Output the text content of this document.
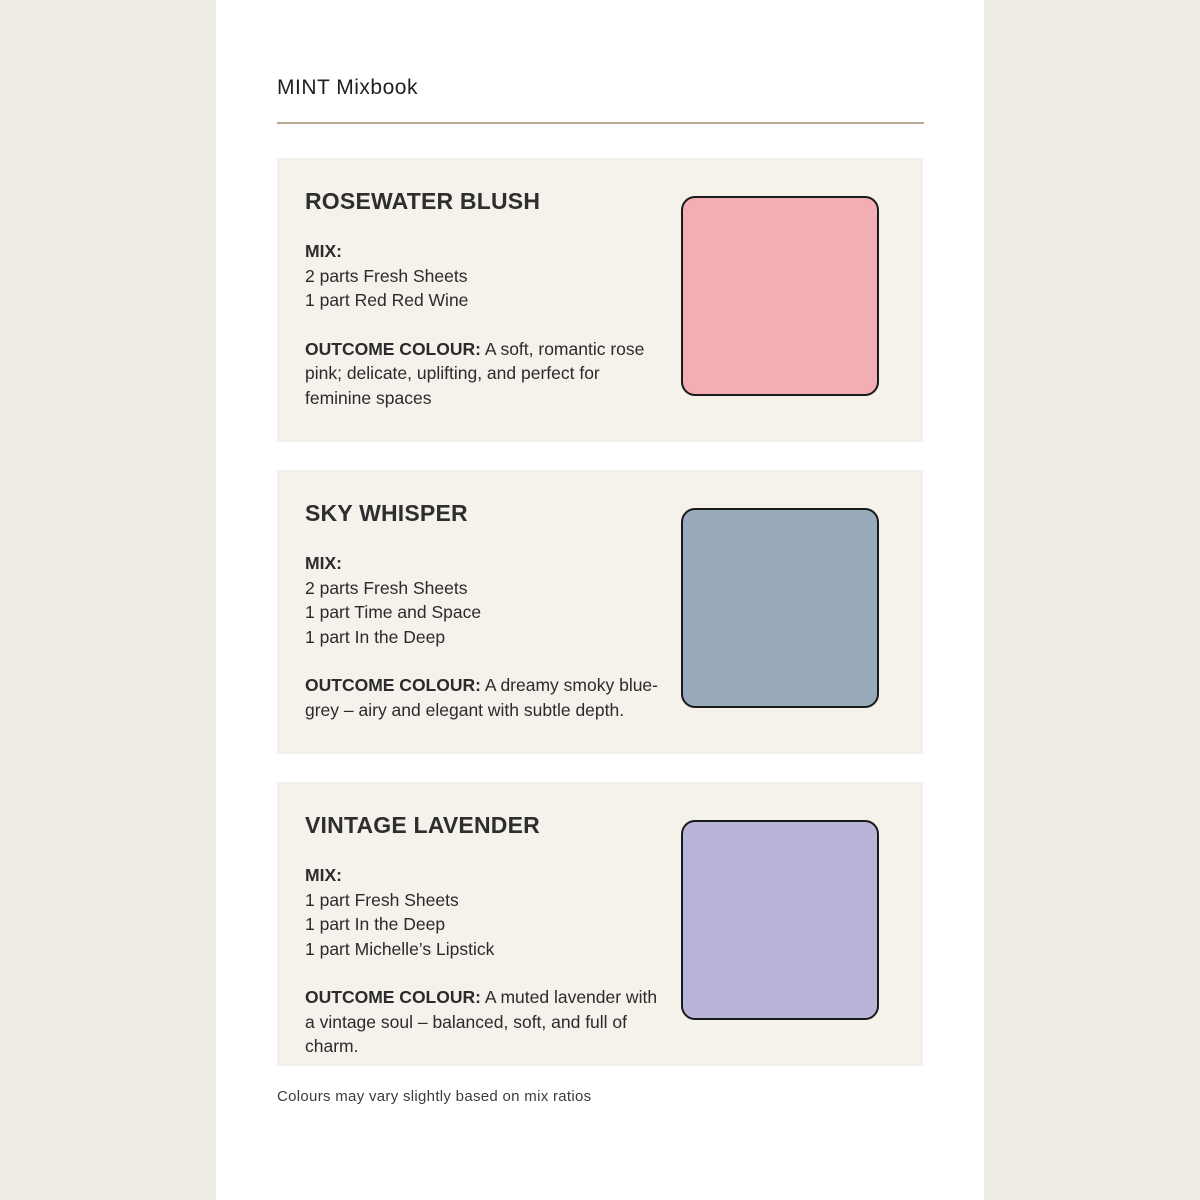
MINT Mixbook
ROSEWATER BLUSH

MIX:
2 parts Fresh Sheets
1 part Red Red Wine

OUTCOME COLOUR: A soft, romantic rose pink; delicate, uplifting, and perfect for feminine spaces

SKY WHISPER

MIX:
2 parts Fresh Sheets
1 part Time and Space
1 part In the Deep

OUTCOME COLOUR: A dreamy smoky blue-grey – airy and elegant with subtle depth.

VINTAGE LAVENDER

MIX:
1 part Fresh Sheets
1 part In the Deep
1 part Michelle’s Lipstick

OUTCOME COLOUR: A muted lavender with a vintage soul – balanced, soft, and full of charm.

Colours may vary slightly based on mix ratios
